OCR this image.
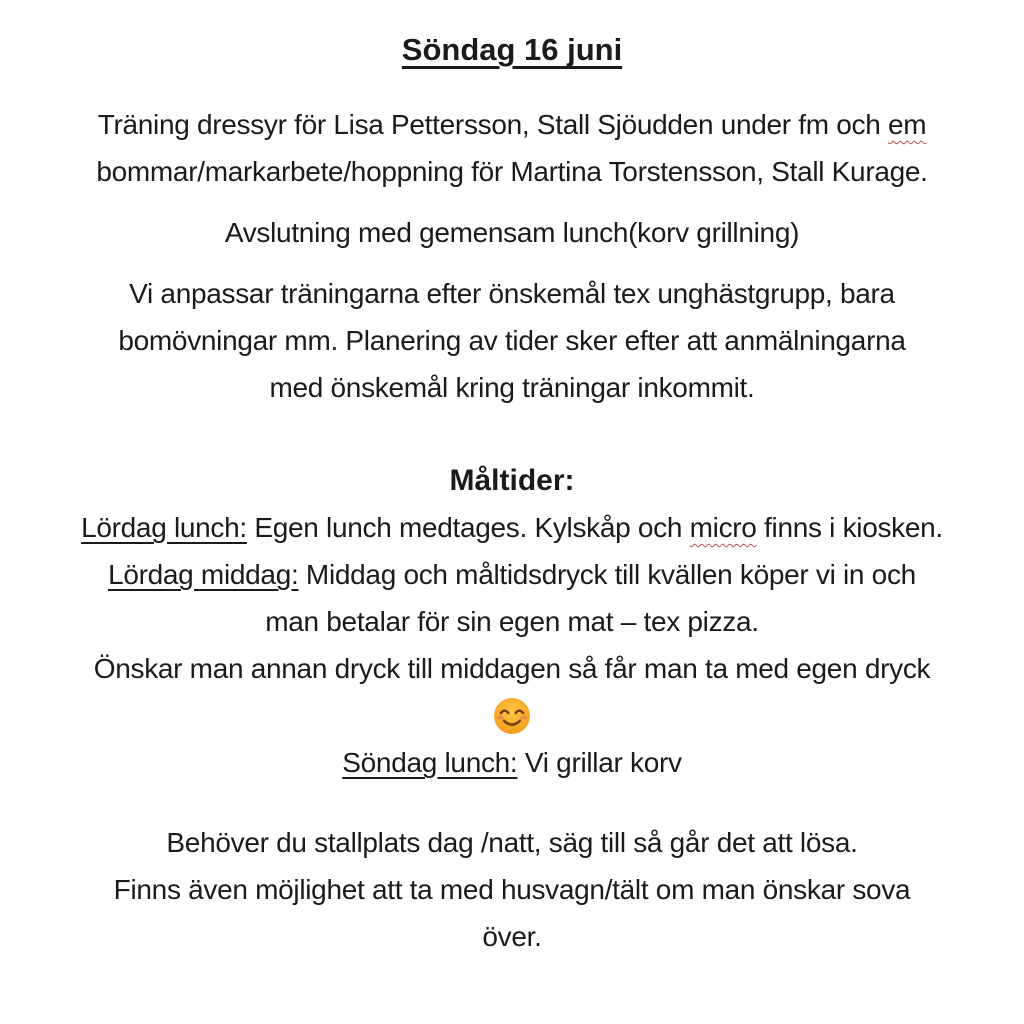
Söndag 16 juni
Träning dressyr för Lisa Pettersson, Stall Sjöudden under fm och em
bommar/markarbete/hoppning för Martina Torstensson, Stall Kurage.
Avslutning med gemensam lunch(korv grillning)
Vi anpassar träningarna efter önskemål tex unghästgrupp, bara
bomövningar mm. Planering av tider sker efter att anmälningarna
med önskemål kring träningar inkommit.
Måltider:
Lördag lunch: Egen lunch medtages. Kylskåp och micro finns i kiosken.
Lördag middag: Middag och måltidsdryck till kvällen köper vi in och
man betalar för sin egen mat – tex pizza.
Önskar man annan dryck till middagen så får man ta med egen dryck
Söndag lunch: Vi grillar korv
Behöver du stallplats dag /natt, säg till så går det att lösa.
Finns även möjlighet att ta med husvagn/tält om man önskar sova
över.
